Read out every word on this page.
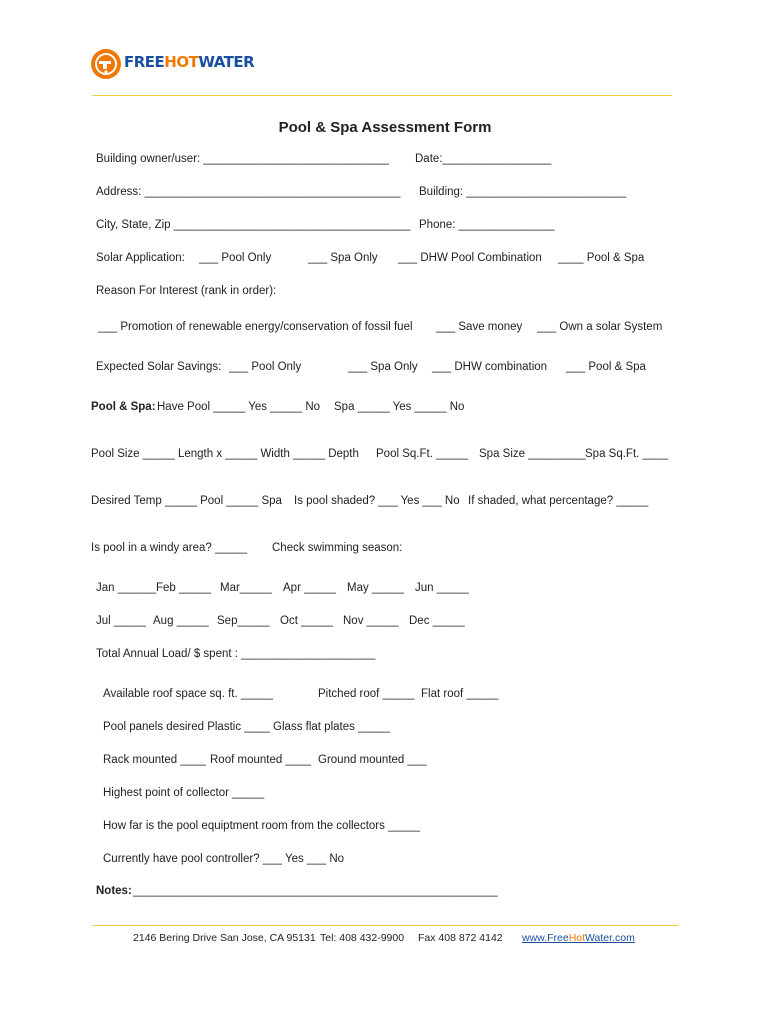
FREEHOTWATER
Pool & Spa Assessment Form
Building owner/user: _____________________________ Date:_________________
Address: ________________________________________ Building: _________________________
City, State, Zip _____________________________________ Phone: _______________
Solar Application: ___ Pool Only	___ Spa Only ___ DHW Pool Combination ____ Pool & Spa
Reason For Interest (rank in order):
___ Promotion of renewable energy/conservation of fossil fuel ___ Save money ___ Own a solar System
Expected Solar Savings: ___ Pool Only	___ Spa Only ___ DHW combination ___ Pool & Spa
Pool & Spa: Have Pool _____ Yes _____ No Spa _____ Yes _____ No
Pool Size _____ Length x _____ Width _____ Depth Pool Sq.Ft. _____ Spa Size _________ Spa Sq.Ft. ____
Desired Temp _____ Pool _____ Spa Is pool shaded? ___ Yes ___ No If shaded, what percentage? _____
Is pool in a windy area? _____ Check swimming season:
Jan ______ Feb _____ Mar_____ Apr _____ May _____ Jun _____
Jul _____ Aug _____ Sep_____ Oct _____ Nov _____ Dec _____
Total Annual Load/ $ spent : _____________________
Available roof space sq. ft. _____	Pitched roof _____ Flat roof _____
Pool panels desired Plastic ____ Glass flat plates _____
Rack mounted ____ Roof mounted ____ Ground mounted ___
Highest point of collector _____
How far is the pool equiptment room from the collectors _____
Currently have pool controller? ___ Yes ___ No
Notes: _________________________________________________________
2146 Bering Drive San Jose, CA 95131 Tel: 408 432-9900 Fax 408 872 4142 www.FreeHotWater.com
